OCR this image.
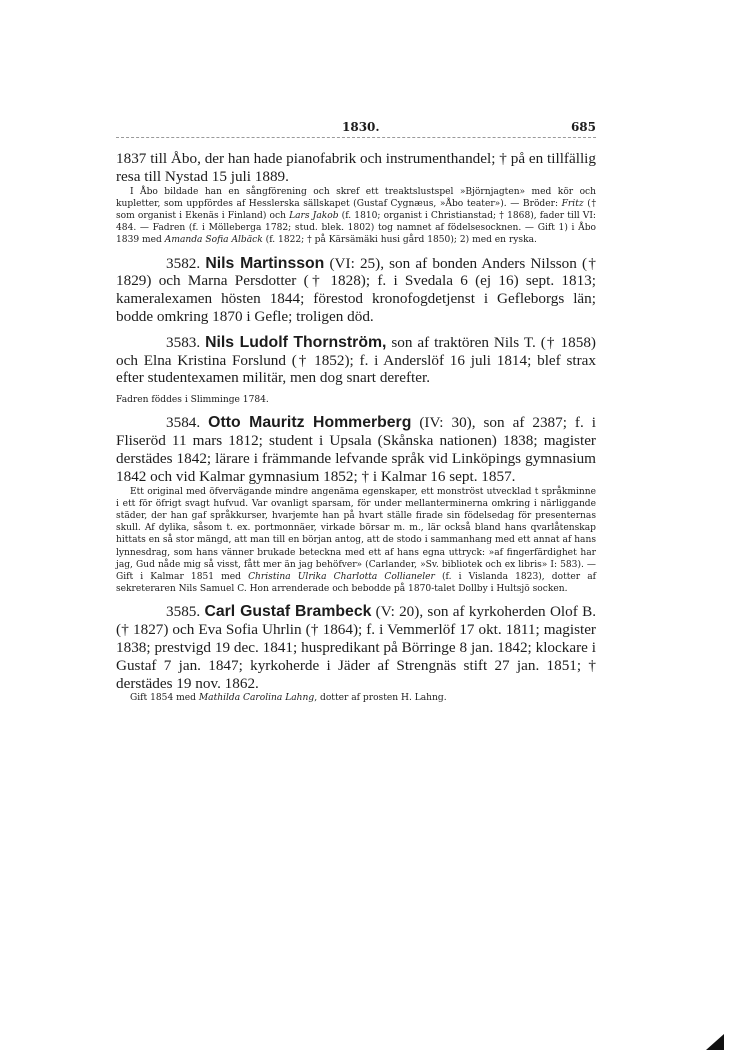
1830.	685

1837 till Åbo, der han hade pianofabrik och instrumenthandel; † på en tillfällig resa till Nystad 15 juli 1889.

I Åbo bildade han en sångförening och skref ett treaktslustspel »Björnjagten» med kör och kupletter, som uppfördes af Hesslerska sällskapet (Gustaf Cygnæus, »Åbo teater»). — Bröder: Fritz († som organist i Ekenäs i Finland) och Lars Jakob (f. 1810; organist i Christianstad; † 1868), fader till VI: 484. — Fadren (f. i Mölleberga 1782; stud. blek. 1802) tog namnet af födelsesocknen. — Gift 1) i Åbo 1839 med Amanda Sofia Albäck (f. 1822; † på Kärsämäki husi gård 1850); 2) med en ryska.

3582. Nils Martinsson (VI: 25), son af bonden Anders Nilsson († 1829) och Marna Persdotter († 1828); f. i Svedala 6 (ej 16) sept. 1813; kameralexamen hösten 1844; förestod kronofogdetjenst i Gefleborgs län; bodde omkring 1870 i Gefle; troligen död.

3583. Nils Ludolf Thornström, son af traktören Nils T. († 1858) och Elna Kristina Forslund († 1852); f. i Anderslöf 16 juli 1814; blef strax efter studentexamen militär, men dog snart derefter.

Fadren föddes i Slimminge 1784.

3584. Otto Mauritz Hommerberg (IV: 30), son af 2387; f. i Fliseröd 11 mars 1812; student i Upsala (Skånska nationen) 1838; magister derstädes 1842; lärare i främmande lefvande språk vid Linköpings gymnasium 1842 och vid Kalmar gymnasium 1852; † i Kalmar 16 sept. 1857.

Ett original med öfvervägande mindre angenäma egenskaper, ett monströst utvecklad t språkminne i ett för öfrigt svagt hufvud. Var ovanligt sparsam, för under mellanterminerna omkring i närliggande städer, der han gaf språkkurser, hvarjemte han på hvart ställe firade sin födelsedag för presenternas skull. Af dylika, såsom t. ex. portmonnäer, virkade börsar m. m., lär också bland hans qvarlåtenskap hittats en så stor mängd, att man till en början antog, att de stodo i sammanhang med ett annat af hans lynnesdrag, som hans vänner brukade beteckna med ett af hans egna uttryck: »af fingerfärdighet har jag, Gud nåde mig så visst, fått mer än jag behöfver» (Carlander, »Sv. bibliotek och ex libris» I: 583). — Gift i Kalmar 1851 med Christina Ulrika Charlotta Collianeler (f. i Vislanda 1823), dotter af sekreteraren Nils Samuel C. Hon arrenderade och bebodde på 1870-talet Dollby i Hultsjö socken.

3585. Carl Gustaf Brambeck (V: 20), son af kyrkoherden Olof B. († 1827) och Eva Sofia Uhrlin († 1864); f. i Vemmerlöf 17 okt. 1811; magister 1838; prestvigd 19 dec. 1841; huspredikant på Börringe 8 jan. 1842; klockare i Gustaf 7 jan. 1847; kyrkoherde i Jäder af Strengnäs stift 27 jan. 1851; † derstädes 19 nov. 1862.

Gift 1854 med Mathilda Carolina Lahng, dotter af prosten H. Lahng.
